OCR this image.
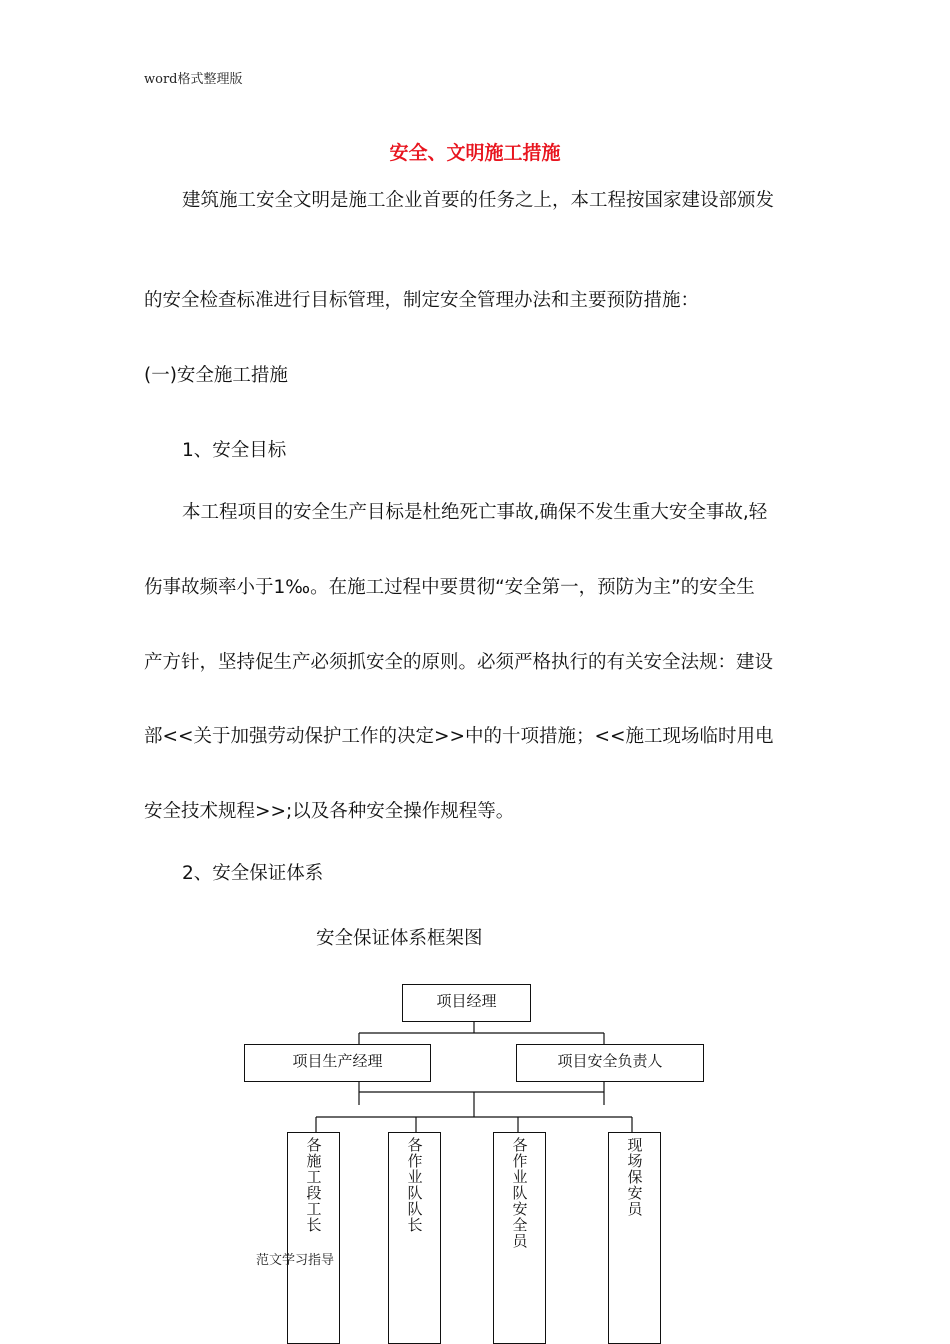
word格式整理版
安全、文明施工措施
建筑施工安全文明是施工企业首要的任务之上，本工程按国家建设部颁发
的安全检查标准进行目标管理，制定安全管理办法和主要预防措施：
(一)安全施工措施
1、安全目标
本工程项目的安全生产目标是杜绝死亡事故,确保不发生重大安全事故,轻
伤事故频率小于1‰。在施工过程中要贯彻“安全第一，预防为主”的安全生
产方针，坚持促生产必须抓安全的原则。必须严格执行的有关安全法规：建设
部<<关于加强劳动保护工作的决定>>中的十项措施；<<施工现场临时用电
安全技术规程>>;以及各种安全操作规程等。
2、安全保证体系
安全保证体系框架图
项目经理
项目生产经理	项目安全负责人
各施工段工长	各作业队队长	各作业队安全员	现场保安员
范文学习指导
